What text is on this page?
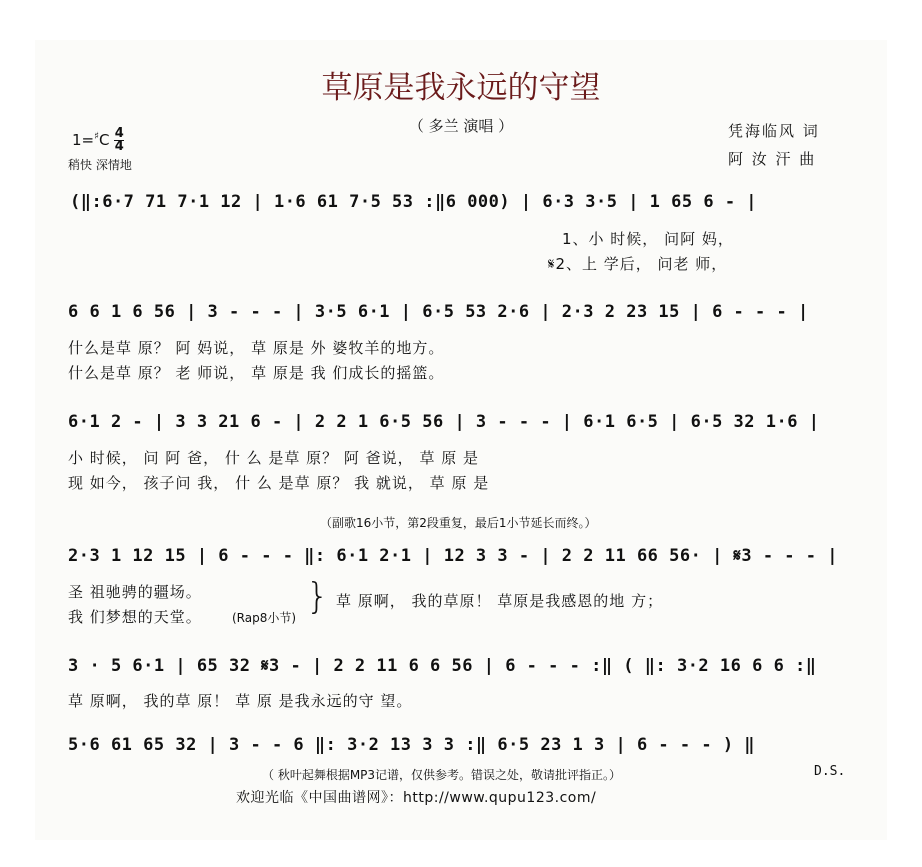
草原是我永远的守望
（ 多兰 演唱 ）	凭海临风 词
阿 汝 汗 曲
$1=^♯C \frac{4}{4}$
稍快 深情地
(‖:6·7 71 7·1 12 | 1·6 61 7·5 53 :‖6 000) | 6·3 3·5 | 1 65 6 - |
1、小 时候， 问阿 妈，
𝄋2、上 学后， 问老 师，
6 6 1 6 56 | 3 - - - | 3·5 6·1 | 6·5 53 2·6 | 2·3 2 23 15 | 6 - - - |
什么是草 原？ 阿 妈说， 草 原是 外 婆牧羊的地方。
什么是草 原？ 老 师说， 草 原是 我 们成长的摇篮。
6·1 2 - | 3 3 21 6 - | 2 2 1 6·5 56 | 3 - - - | 6·1 6·5 | 6·5 32 1·6 |
小 时候， 问 阿 爸， 什 么 是草 原？ 阿 爸说， 草 原 是
现 如今， 孩子问 我， 什 么 是草 原？ 我 就说， 草 原 是
（副歌16小节，第2段重复，最后1小节延长而终。）
2·3 1 12 15 | 6 - - - ‖: 6·1 2·1 | 12 3 3 - | 2 2 11 66 56· | 𝄋3 - - - |
圣 祖驰骋的疆场。
我 们梦想的天堂。	(Rap8小节)
} 草 原啊， 我的草原！ 草原是我感恩的地 方；
3 · 5 6·1 | 65 32 𝄋3 - | 2 2 11 6 6 56 | 6 - - - :‖ ( ‖: 3·2 16 6 6 :‖
草 原啊， 我的草 原！ 草 原 是我永远的守 望。
5·6 61 65 32 | 3 - - 6 ‖: 3·2 13 3 3 :‖ 6·5 23 1 3 | 6 - - - ) ‖
（ 秋叶起舞根据MP3记谱，仅供参考。错误之处，敬请批评指正。）	D.S.
欢迎光临《中国曲谱网》：http://www.qupu123.com/
